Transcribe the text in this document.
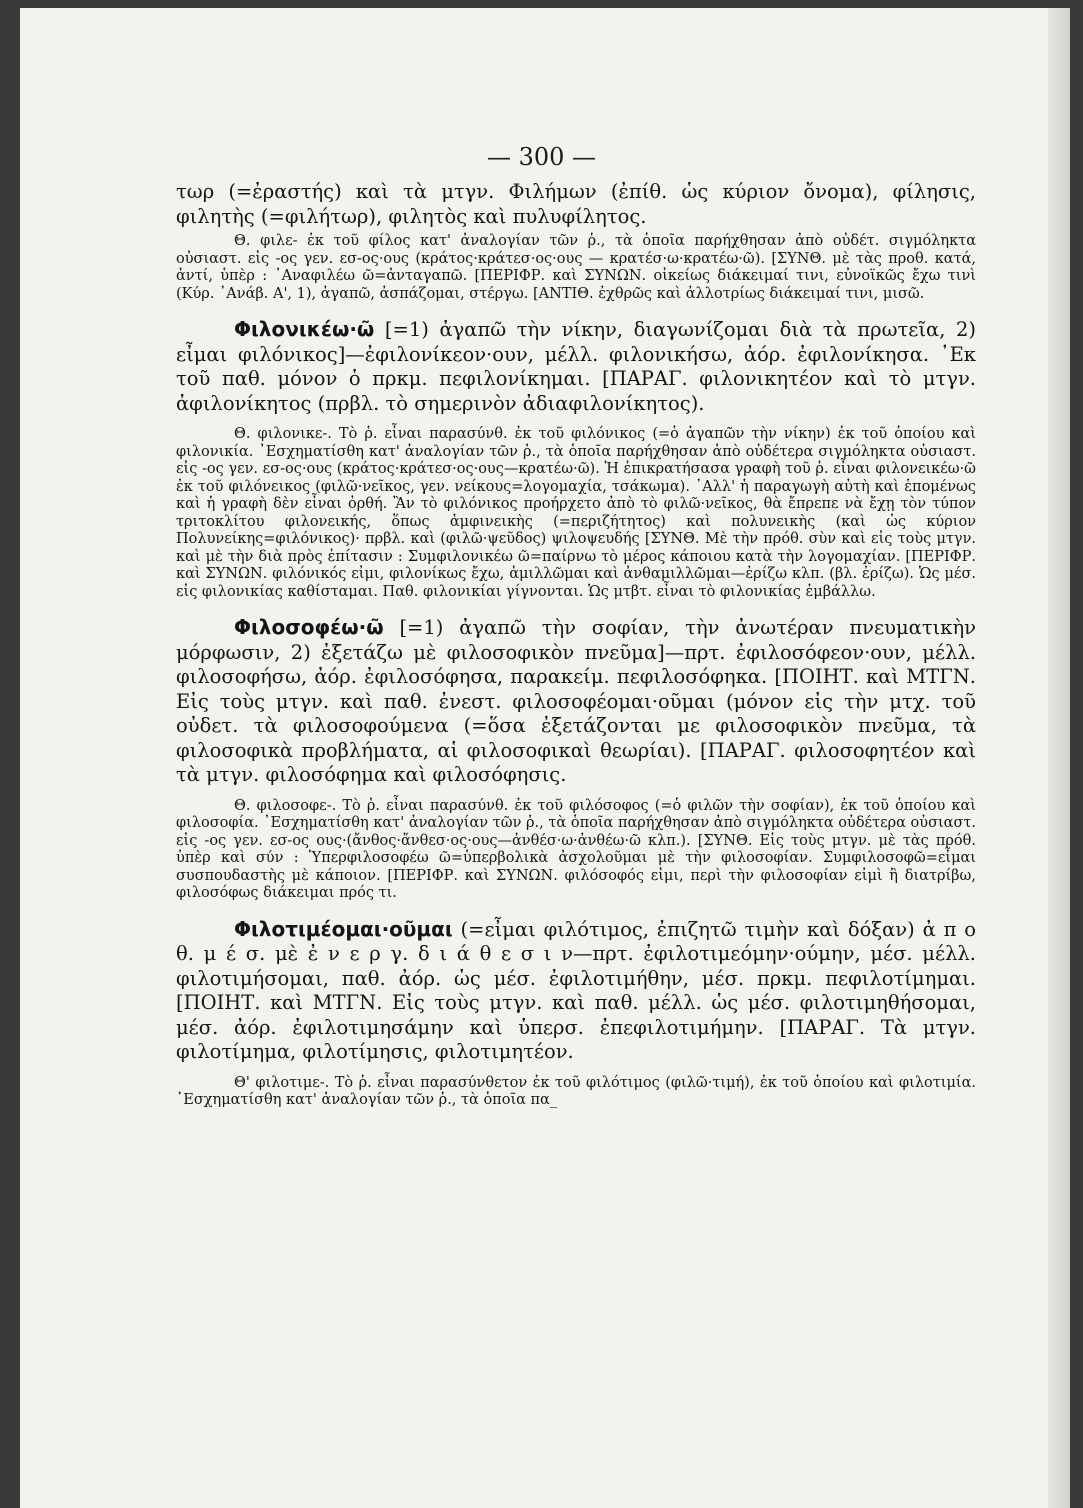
— 300 —

τωρ (=ἐραστής) καὶ τὰ μτγν. Φιλήμων (ἐπίθ. ὡς κύριον ὄνομα), φίλησις, φιλητὴς (=φιλήτωρ), φιλητὸς καὶ πυλυφίλητος.

Θ. φιλε- ἐκ τοῦ φίλος κατ' ἀναλογίαν τῶν ῥ., τὰ ὁποῖα παρήχθησαν ἀπὸ οὐδέτ. σιγμόληκτα οὐσιαστ. εἰς -ος γεν. εσ-ος·ους (κράτος·κράτεσ·ος·ους — κρατέσ·ω·κρατέω·ῶ). [ΣΥΝΘ. μὲ τὰς προθ. κατά, ἀντί, ὑπὲρ : ᾿Αναφιλέω ῶ=ἀνταγαπῶ. [ΠΕΡΙΦΡ. καὶ ΣΥΝΩΝ. οἰκείως διάκειμαί τινι, εὐνοϊκῶς ἔχω τινὶ (Κύρ. ᾿Ανάβ. Α', 1), ἀγαπῶ, ἀσπάζομαι, στέργω. [ΑΝΤΙΘ. ἐχθρῶς καὶ ἀλλοτρίως διάκειμαί τινι, μισῶ.

Φιλονικέω·ῶ [=1) ἀγαπῶ τὴν νίκην, διαγωνίζομαι διὰ τὰ πρωτεῖα, 2) εἶμαι φιλόνικος]—ἐφιλονίκεον·ουν, μέλλ. φιλονικήσω, ἀόρ. ἐφιλονίκησα. ᾿Εκ τοῦ παθ. μόνον ὁ πρκμ. πεφιλονίκημαι. [ΠΑΡΑΓ. φιλονικητέον καὶ τὸ μτγν. ἀφιλονίκητος (πρβλ. τὸ σημερινὸν ἀδιαφιλονίκητος).

Θ. φιλονικε-. Τὸ ῥ. εἶναι παρασύνθ. ἐκ τοῦ φιλόνικος (=ὁ ἀγαπῶν τὴν νίκην) ἐκ τοῦ ὁποίου καὶ φιλονικία. ᾿Εσχηματίσθη κατ' ἀναλογίαν τῶν ῥ., τὰ ὁποῖα παρήχθησαν ἀπὸ οὐδέτερα σιγμόληκτα οὐσιαστ. εἰς -ος γεν. εσ-ος·ους (κράτος·κράτεσ·ος·ους—κρατέω·ῶ). Ἡ ἐπικρατήσασα γραφὴ τοῦ ῥ. εἶναι φιλονεικέω·ῶ ἐκ τοῦ φιλόνεικος (φιλῶ·νεῖκος, γεν. νείκους=λογομαχία, τσάκωμα). ᾿Αλλ' ἡ παραγωγὴ αὐτὴ καὶ ἑπομένως καὶ ἡ γραφὴ δὲν εἶναι ὀρθή. Ἂν τὸ φιλόνικος προήρχετο ἀπὸ τὸ φιλῶ·νεῖκος, θὰ ἔπρεπε νὰ ἔχῃ τὸν τύπον τριτοκλίτου φιλονεικής, ὅπως ἀμφινεικὴς (=περιζήτητος) καὶ πολυνεικὴς (καὶ ὡς κύριον Πολυνείκης=φιλόνικος)· πρβλ. καὶ (φιλῶ·ψεῦδος) ψιλοψευδής [ΣΥΝΘ. Μὲ τὴν πρόθ. σὺν καὶ εἰς τοὺς μτγν. καὶ μὲ τὴν διὰ πρὸς ἐπίτασιν : Συμφιλονικέω ῶ=παίρνω τὸ μέρος κάποιου κατὰ τὴν λογομαχίαν. [ΠΕΡΙΦΡ. καὶ ΣΥΝΩΝ. φιλόνικός εἰμι, φιλονίκως ἔχω, ἁμιλλῶμαι καὶ ἀνθαμιλλῶμαι—ἐρίζω κλπ. (βλ. ἐρίζω). Ὡς μέσ. εἰς φιλονικίας καθίσταμαι. Παθ. φιλονικίαι γίγνονται. Ὡς μτβτ. εἶναι τὸ φιλονικίας ἐμβάλλω.

Φιλοσοφέω·ῶ [=1) ἀγαπῶ τὴν σοφίαν, τὴν ἀνωτέραν πνευματικὴν μόρφωσιν, 2) ἐξετάζω μὲ φιλοσοφικὸν πνεῦμα]—πρτ. ἐφιλοσόφεον·ουν, μέλλ. φιλοσοφήσω, ἀόρ. ἐφιλοσόφησα, παρακείμ. πεφιλοσόφηκα. [ΠΟΙΗΤ. καὶ ΜΤΓΝ. Εἰς τοὺς μτγν. καὶ παθ. ἐνεστ. φιλοσοφέομαι·οῦμαι (μόνον εἰς τὴν μτχ. τοῦ οὐδετ. τὰ φιλοσοφούμενα (=ὅσα ἐξετάζονται με φιλοσοφικὸν πνεῦμα, τὰ φιλοσοφικὰ προβλήματα, αἱ φιλοσοφικαὶ θεωρίαι). [ΠΑΡΑΓ. φιλοσοφητέον καὶ τὰ μτγν. φιλοσόφημα καὶ φιλοσόφησις.

Θ. φιλοσοφε-. Τὸ ῥ. εἶναι παρασύνθ. ἐκ τοῦ φιλόσοφος (=ὁ φιλῶν τὴν σοφίαν), ἐκ τοῦ ὁποίου καὶ φιλοσοφία. ᾿Εσχηματίσθη κατ' ἀναλογίαν τῶν ῥ., τὰ ὁποῖα παρήχθησαν ἀπὸ σιγμόληκτα οὐδέτερα οὐσιαστ. εἰς -ος γεν. εσ-ος ους·(ἄνθος·ἄνθεσ·ος·ους—ἀνθέσ·ω·ἀνθέω·ῶ κλπ.). [ΣΥΝΘ. Εἰς τοὺς μτγν. μὲ τὰς πρόθ. ὑπὲρ καὶ σύν : Ὑπερφιλοσοφέω ῶ=ὑπερβολικὰ ἀσχολοῦμαι μὲ τὴν φιλοσοφίαν. Συμφιλοσοφῶ=εἶμαι συσπουδαστὴς μὲ κάποιον. [ΠΕΡΙΦΡ. καὶ ΣΥΝΩΝ. φιλόσοφός εἰμι, περὶ τὴν φιλοσοφίαν εἰμὶ ἢ διατρίβω, φιλοσόφως διάκειμαι πρός τι.

Φιλοτιμέομαι·οῦμαι (=εἶμαι φιλότιμος, ἐπιζητῶ τιμὴν καὶ δόξαν) ἀ π ο θ. μ έ σ. μὲ ἐ ν ε ρ γ. δ ι ά θ ε σ ι ν—πρτ. ἐφιλοτιμεόμην·ούμην, μέσ. μέλλ. φιλοτιμήσομαι, παθ. ἀόρ. ὡς μέσ. ἐφιλοτιμήθην, μέσ. πρκμ. πεφιλοτίμημαι. [ΠΟΙΗΤ. καὶ ΜΤΓΝ. Εἰς τοὺς μτγν. καὶ παθ. μέλλ. ὡς μέσ. φιλοτιμηθήσομαι, μέσ. ἀόρ. ἐφιλοτιμησάμην καὶ ὑπερσ. ἐπεφιλοτιμήμην. [ΠΑΡΑΓ. Τὰ μτγν. φιλοτίμημα, φιλοτίμησις, φιλοτιμητέον.

Θ' φιλοτιμε-. Τὸ ῥ. εἶναι παρασύνθετον ἐκ τοῦ φιλότιμος (φιλῶ·τιμή), ἐκ τοῦ ὁποίου καὶ φιλοτιμία. ᾿Εσχηματίσθη κατ' ἀναλογίαν τῶν ῥ., τὰ ὁποῖα πα_
